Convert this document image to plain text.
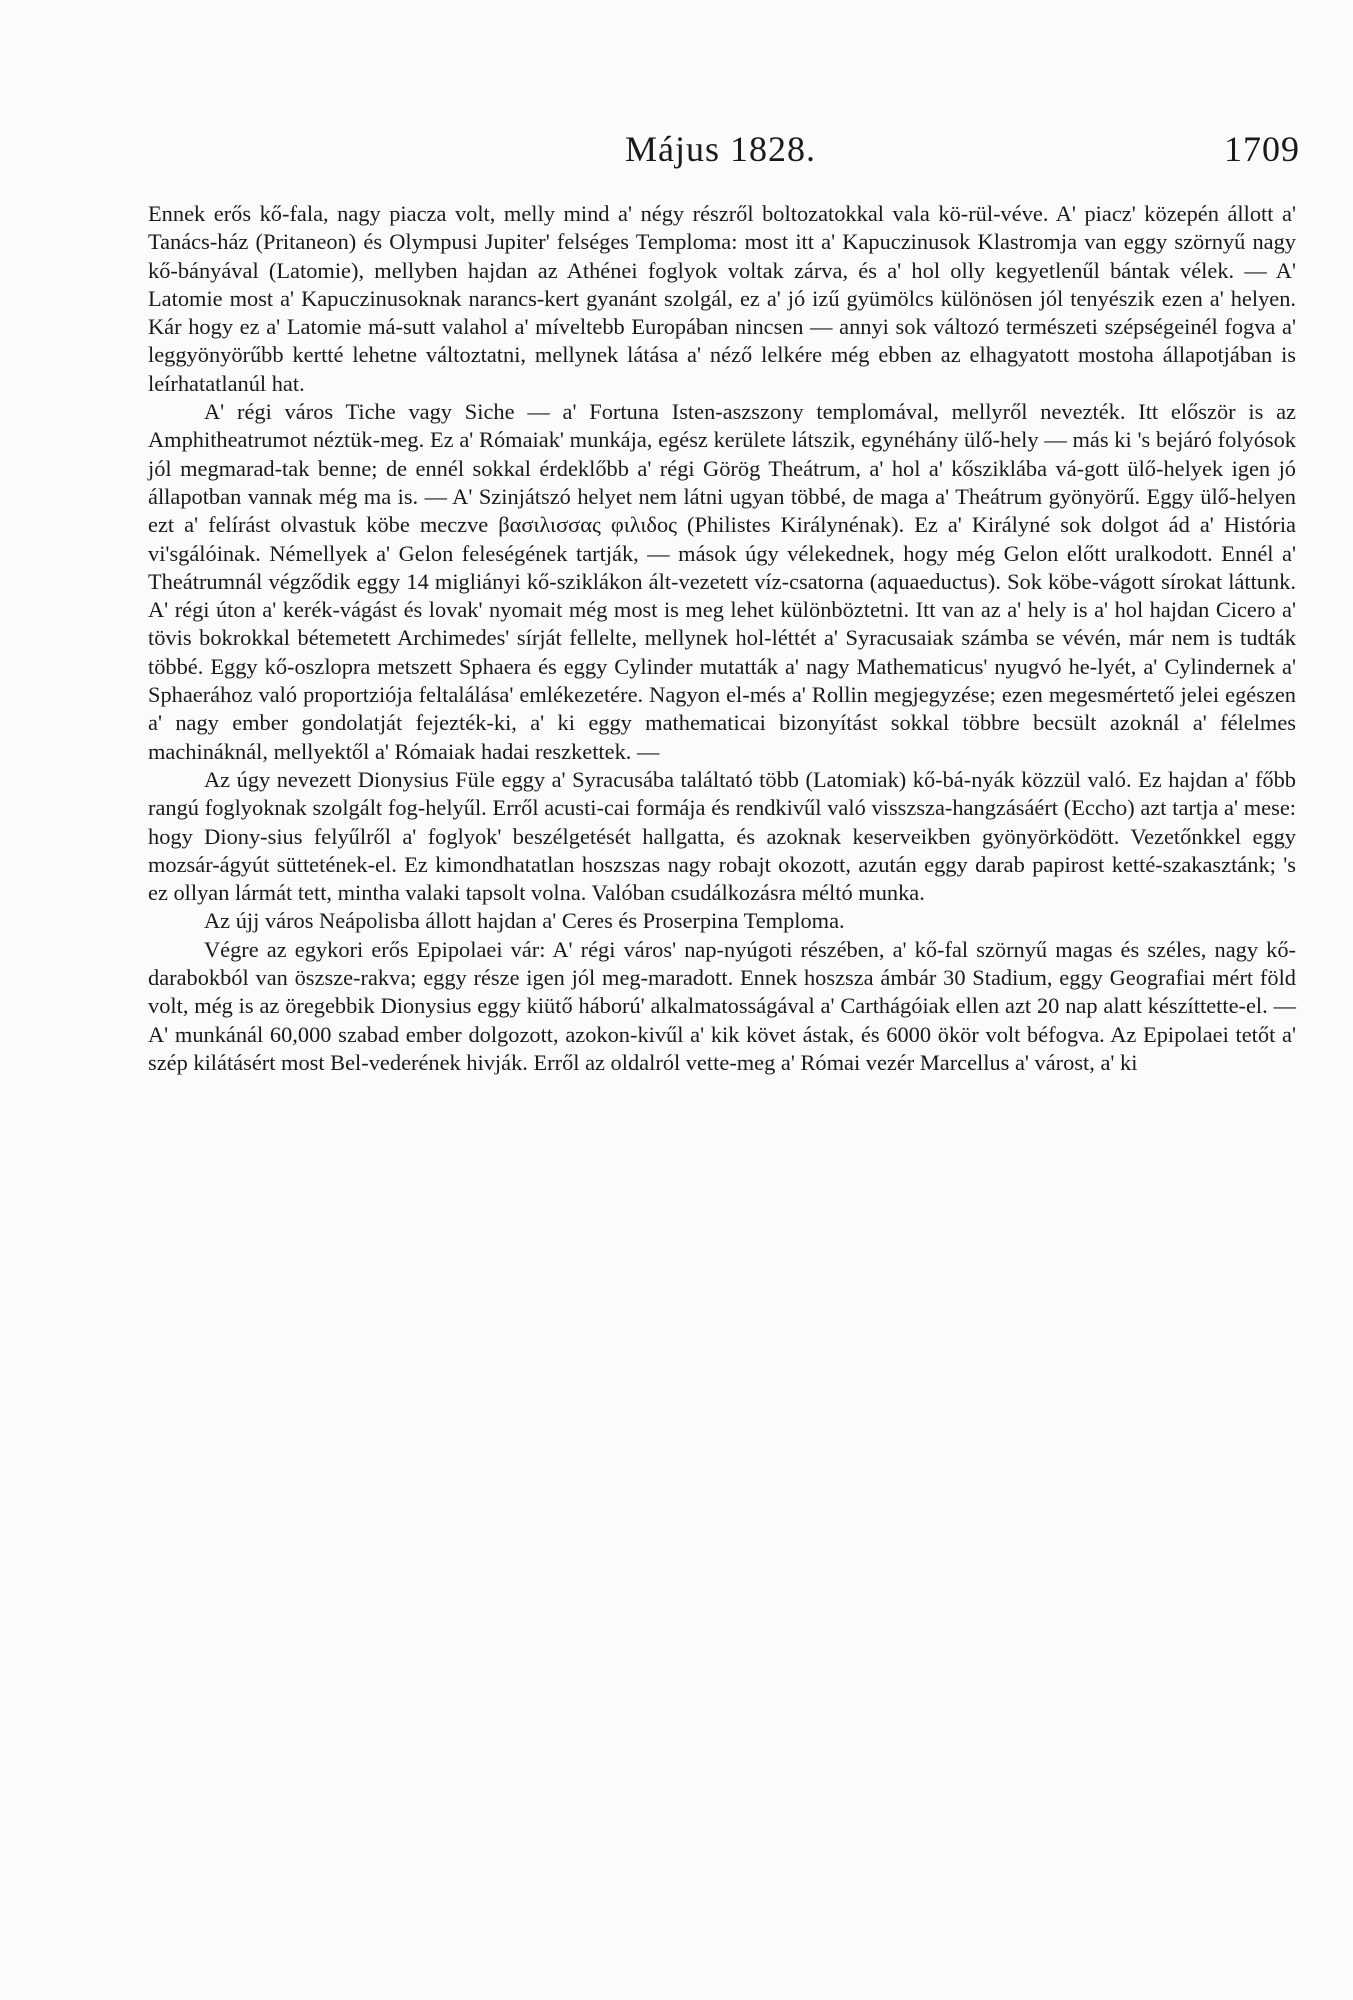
Május 1828.	1709

Ennek erős kő-fala, nagy piacza volt, melly mind a' négy részről boltozatokkal vala kö-rül-véve. A' piacz' közepén állott a' Tanács-ház (Pritaneon) és Olympusi Jupiter' felséges Temploma: most itt a' Kapuczinusok Klastromja van eggy szörnyű nagy kő-bányával (Latomie), mellyben hajdan az Athénei foglyok voltak zárva, és a' hol olly kegyetlenűl bántak vélek. — A' Latomie most a' Kapuczinusoknak narancs-kert gyanánt szolgál, ez a' jó izű gyümölcs különösen jól tenyészik ezen a' helyen. Kár hogy ez a' Latomie má-sutt valahol a' míveltebb Europában nincsen — annyi sok változó természeti szépségeinél fogva a' leggyönyörűbb kertté lehetne változtatni, mellynek látása a' néző lelkére még ebben az elhagyatott mostoha állapotjában is leírhatatlanúl hat.

A' régi város Tiche vagy Siche — a' Fortuna Isten-aszszony templomával, mellyről nevezték. Itt először is az Amphitheatrumot néztük-meg. Ez a' Rómaiak' munkája, egész kerülete látszik, egynéhány ülő-hely — más ki 's bejáró folyósok jól megmarad-tak benne; de ennél sokkal érdeklőbb a' régi Görög Theátrum, a' hol a' kősziklába vá-gott ülő-helyek igen jó állapotban vannak még ma is. — A' Szinjátszó helyet nem látni ugyan többé, de maga a' Theátrum gyönyörű. Eggy ülő-helyen ezt a' felírást olvastuk köbe meczve βασιλισσας φιλιδος (Philistes Királynénak). Ez a' Királyné sok dolgot ád a' História vi'sgálóinak. Némellyek a' Gelon feleségének tartják, — mások úgy vélekednek, hogy még Gelon előtt uralkodott. Ennél a' Theátrumnál végződik eggy 14 migliányi kő-sziklákon ált-vezetett víz-csatorna (aquaeductus). Sok köbe-vágott sírokat láttunk. A' régi úton a' kerék-vágást és lovak' nyomait még most is meg lehet különböztetni. Itt van az a' hely is a' hol hajdan Cicero a' tövis bokrokkal bétemetett Archimedes' sírját fellelte, mellynek hol-léttét a' Syracusaiak számba se vévén, már nem is tudták többé. Eggy kő-oszlopra metszett Sphaera és eggy Cylinder mutatták a' nagy Mathematicus' nyugvó he-lyét, a' Cylindernek a' Sphaerához való proportziója feltalálása' emlékezetére. Nagyon el-més a' Rollin megjegyzése; ezen megesmértető jelei egészen a' nagy ember gondolatját fejezték-ki, a' ki eggy mathematicai bizonyítást sokkal többre becsült azoknál a' félelmes machináknál, mellyektől a' Rómaiak hadai reszkettek. —

Az úgy nevezett Dionysius Füle eggy a' Syracusába találtató több (Latomiak) kő-bá-nyák közzül való. Ez hajdan a' főbb rangú foglyoknak szolgált fog-helyűl. Erről acusti-cai formája és rendkivűl való visszsza-hangzásáért (Eccho) azt tartja a' mese: hogy Diony-sius felyűlről a' foglyok' beszélgetését hallgatta, és azoknak keserveikben gyönyörködött. Vezetőnkkel eggy mozsár-ágyút süttetének-el. Ez kimondhatatlan hoszszas nagy robajt okozott, azután eggy darab papirost ketté-szakasztánk; 's ez ollyan lármát tett, mintha valaki tapsolt volna. Valóban csudálkozásra méltó munka.

Az újj város Neápolisba állott hajdan a' Ceres és Proserpina Temploma.

Végre az egykori erős Epipolaei vár: A' régi város' nap-nyúgoti részében, a' kő-fal szörnyű magas és széles, nagy kő-darabokból van öszsze-rakva; eggy része igen jól meg-maradott. Ennek hoszsza ámbár 30 Stadium, eggy Geografiai mért föld volt, még is az öregebbik Dionysius eggy kiütő háború' alkalmatosságával a' Carthágóiak ellen azt 20 nap alatt készíttette-el. — A' munkánál 60,000 szabad ember dolgozott, azokon-kivűl a' kik követ ástak, és 6000 ökör volt béfogva. Az Epipolaei tetőt a' szép kilátásért most Bel-vederének hivják. Erről az oldalról vette-meg a' Római vezér Marcellus a' várost, a' ki
